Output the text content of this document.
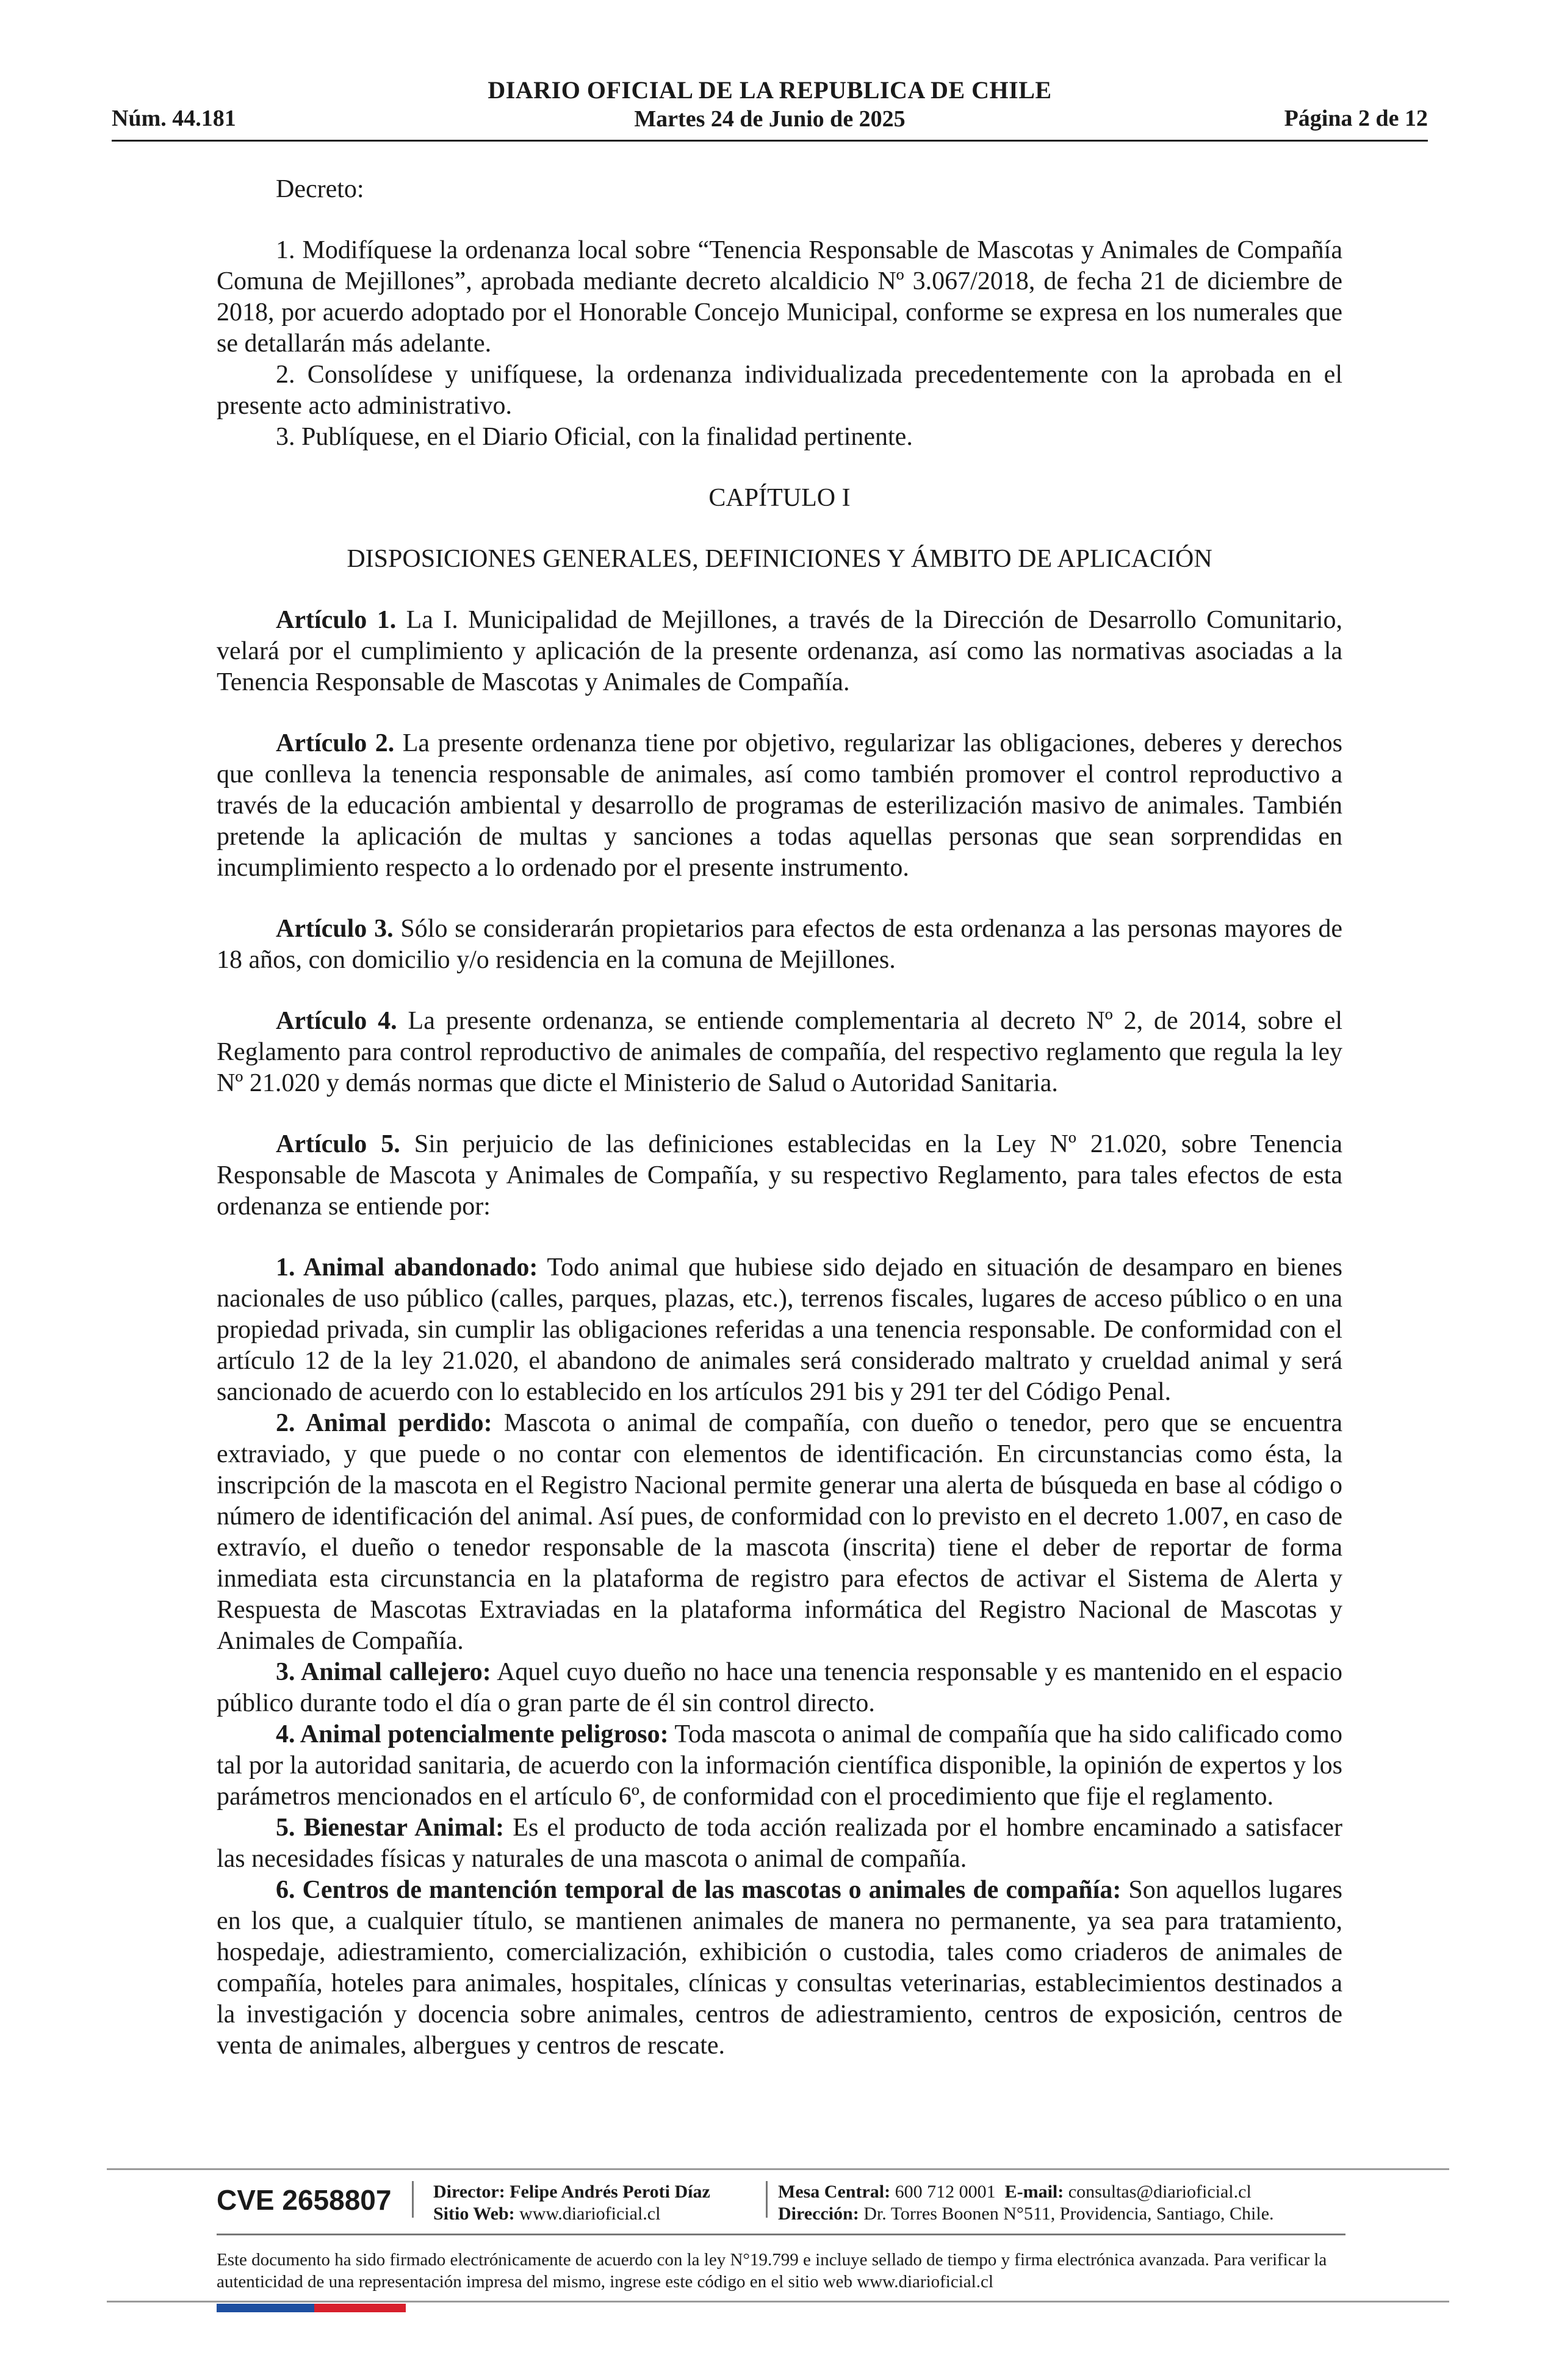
Núm. 44.181
DIARIO OFICIAL DE LA REPUBLICA DE CHILE
Martes 24 de Junio de 2025	Página 2 de 12

Decreto:

1. Modifíquese la ordenanza local sobre “Tenencia Responsable de Mascotas y Animales de Compañía Comuna de Mejillones”, aprobada mediante decreto alcaldicio Nº 3.067/2018, de fecha 21 de diciembre de 2018, por acuerdo adoptado por el Honorable Concejo Municipal, conforme se expresa en los numerales que se detallarán más adelante.

2. Consolídese y unifíquese, la ordenanza individualizada precedentemente con la aprobada en el presente acto administrativo.

3. Publíquese, en el Diario Oficial, con la finalidad pertinente.

CAPÍTULO I

DISPOSICIONES GENERALES, DEFINICIONES Y ÁMBITO DE APLICACIÓN

Artículo 1. La I. Municipalidad de Mejillones, a través de la Dirección de Desarrollo Comunitario, velará por el cumplimiento y aplicación de la presente ordenanza, así como las normativas asociadas a la Tenencia Responsable de Mascotas y Animales de Compañía.

Artículo 2. La presente ordenanza tiene por objetivo, regularizar las obligaciones, deberes y derechos que conlleva la tenencia responsable de animales, así como también promover el control reproductivo a través de la educación ambiental y desarrollo de programas de esterilización masivo de animales. También pretende la aplicación de multas y sanciones a todas aquellas personas que sean sorprendidas en incumplimiento respecto a lo ordenado por el presente instrumento.

Artículo 3. Sólo se considerarán propietarios para efectos de esta ordenanza a las personas mayores de 18 años, con domicilio y/o residencia en la comuna de Mejillones.

Artículo 4. La presente ordenanza, se entiende complementaria al decreto Nº 2, de 2014, sobre el Reglamento para control reproductivo de animales de compañía, del respectivo reglamento que regula la ley Nº 21.020 y demás normas que dicte el Ministerio de Salud o Autoridad Sanitaria.

Artículo 5. Sin perjuicio de las definiciones establecidas en la Ley Nº 21.020, sobre Tenencia Responsable de Mascota y Animales de Compañía, y su respectivo Reglamento, para tales efectos de esta ordenanza se entiende por:

1. Animal abandonado: Todo animal que hubiese sido dejado en situación de desamparo en bienes nacionales de uso público (calles, parques, plazas, etc.), terrenos fiscales, lugares de acceso público o en una propiedad privada, sin cumplir las obligaciones referidas a una tenencia responsable. De conformidad con el artículo 12 de la ley 21.020, el abandono de animales será considerado maltrato y crueldad animal y será sancionado de acuerdo con lo establecido en los artículos 291 bis y 291 ter del Código Penal.

2. Animal perdido: Mascota o animal de compañía, con dueño o tenedor, pero que se encuentra extraviado, y que puede o no contar con elementos de identificación. En circunstancias como ésta, la inscripción de la mascota en el Registro Nacional permite generar una alerta de búsqueda en base al código o número de identificación del animal. Así pues, de conformidad con lo previsto en el decreto 1.007, en caso de extravío, el dueño o tenedor responsable de la mascota (inscrita) tiene el deber de reportar de forma inmediata esta circunstancia en la plataforma de registro para efectos de activar el Sistema de Alerta y Respuesta de Mascotas Extraviadas en la plataforma informática del Registro Nacional de Mascotas y Animales de Compañía.

3. Animal callejero: Aquel cuyo dueño no hace una tenencia responsable y es mantenido en el espacio público durante todo el día o gran parte de él sin control directo.

4. Animal potencialmente peligroso: Toda mascota o animal de compañía que ha sido calificado como tal por la autoridad sanitaria, de acuerdo con la información científica disponible, la opinión de expertos y los parámetros mencionados en el artículo 6º, de conformidad con el procedimiento que fije el reglamento.

5. Bienestar Animal: Es el producto de toda acción realizada por el hombre encaminado a satisfacer las necesidades físicas y naturales de una mascota o animal de compañía.

6. Centros de mantención temporal de las mascotas o animales de compañía: Son aquellos lugares en los que, a cualquier título, se mantienen animales de manera no permanente, ya sea para tratamiento, hospedaje, adiestramiento, comercialización, exhibición o custodia, tales como criaderos de animales de compañía, hoteles para animales, hospitales, clínicas y consultas veterinarias, establecimientos destinados a la investigación y docencia sobre animales, centros de adiestramiento, centros de exposición, centros de venta de animales, albergues y centros de rescate.

CVE 2658807 Director: Felipe Andrés Peroti Díaz
Sitio Web: www.diarioficial.cl
Mesa Central: 600 712 0001 E-mail: consultas@diarioficial.cl
Dirección: Dr. Torres Boonen N°511, Providencia, Santiago, Chile.
Este documento ha sido firmado electrónicamente de acuerdo con la ley N°19.799 e incluye sellado de tiempo y firma electrónica avanzada. Para verificar la autenticidad de una representación impresa del mismo, ingrese este código en el sitio web www.diarioficial.cl
